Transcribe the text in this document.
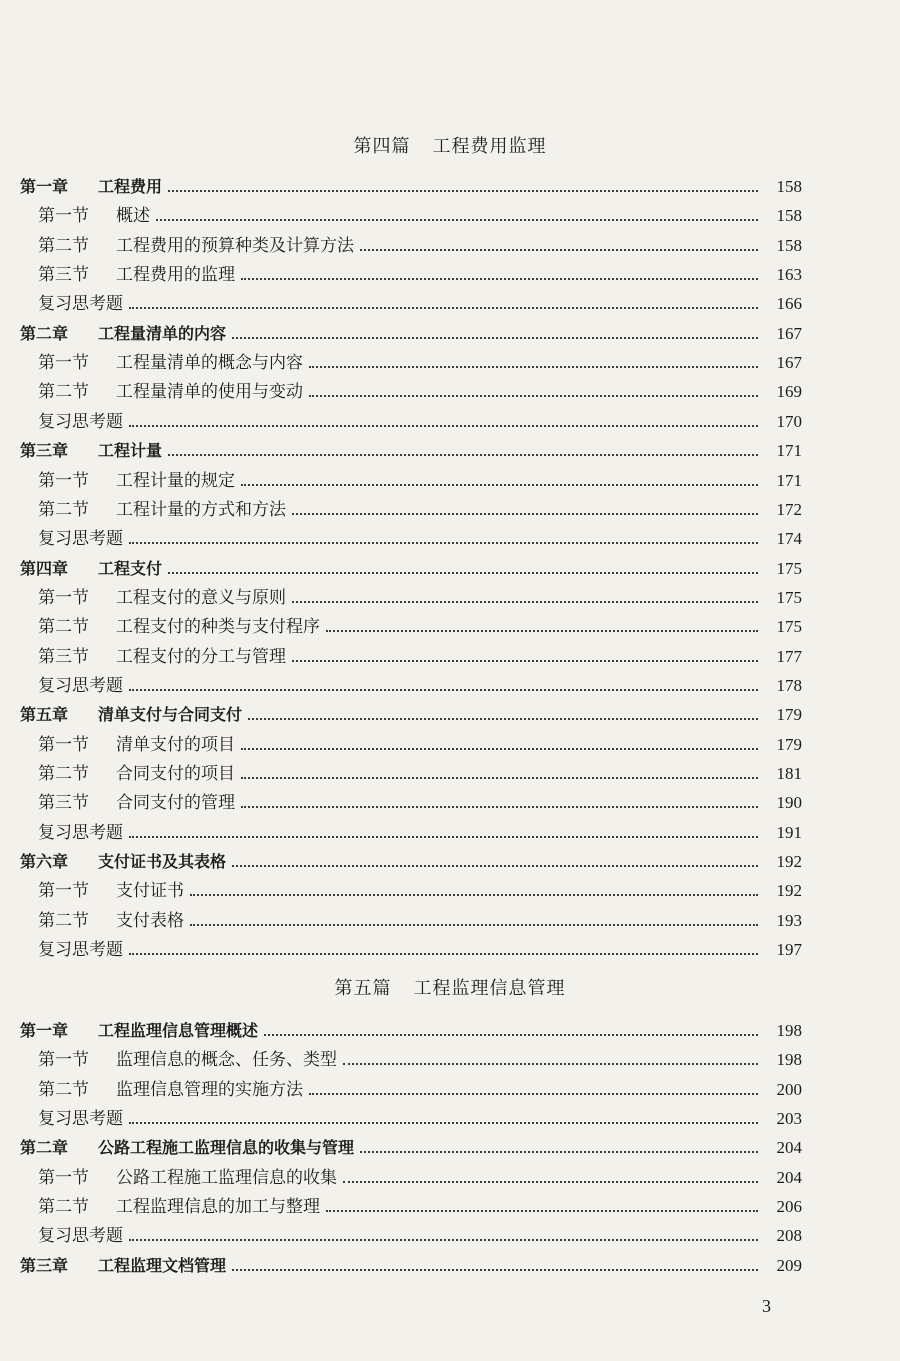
第四篇 工程费用监理
第一章	工程费用	158
第一节	概述	158
第二节	工程费用的预算种类及计算方法	158
第三节	工程费用的监理	163
复习思考题	166
第二章	工程量清单的内容	167
第一节	工程量清单的概念与内容	167
第二节	工程量清单的使用与变动	169
复习思考题	170
第三章	工程计量	171
第一节	工程计量的规定	171
第二节	工程计量的方式和方法	172
复习思考题	174
第四章	工程支付	175
第一节	工程支付的意义与原则	175
第二节	工程支付的种类与支付程序	175
第三节	工程支付的分工与管理	177
复习思考题	178
第五章	清单支付与合同支付	179
第一节	清单支付的项目	179
第二节	合同支付的项目	181
第三节	合同支付的管理	190
复习思考题	191
第六章	支付证书及其表格	192
第一节	支付证书	192
第二节	支付表格	193
复习思考题	197
第五篇 工程监理信息管理
第一章	工程监理信息管理概述	198
第一节	监理信息的概念、任务、类型	198
第二节	监理信息管理的实施方法	200
复习思考题	203
第二章	公路工程施工监理信息的收集与管理	204
第一节	公路工程施工监理信息的收集	204
第二节	工程监理信息的加工与整理	206
复习思考题	208
第三章	工程监理文档管理	209
3
